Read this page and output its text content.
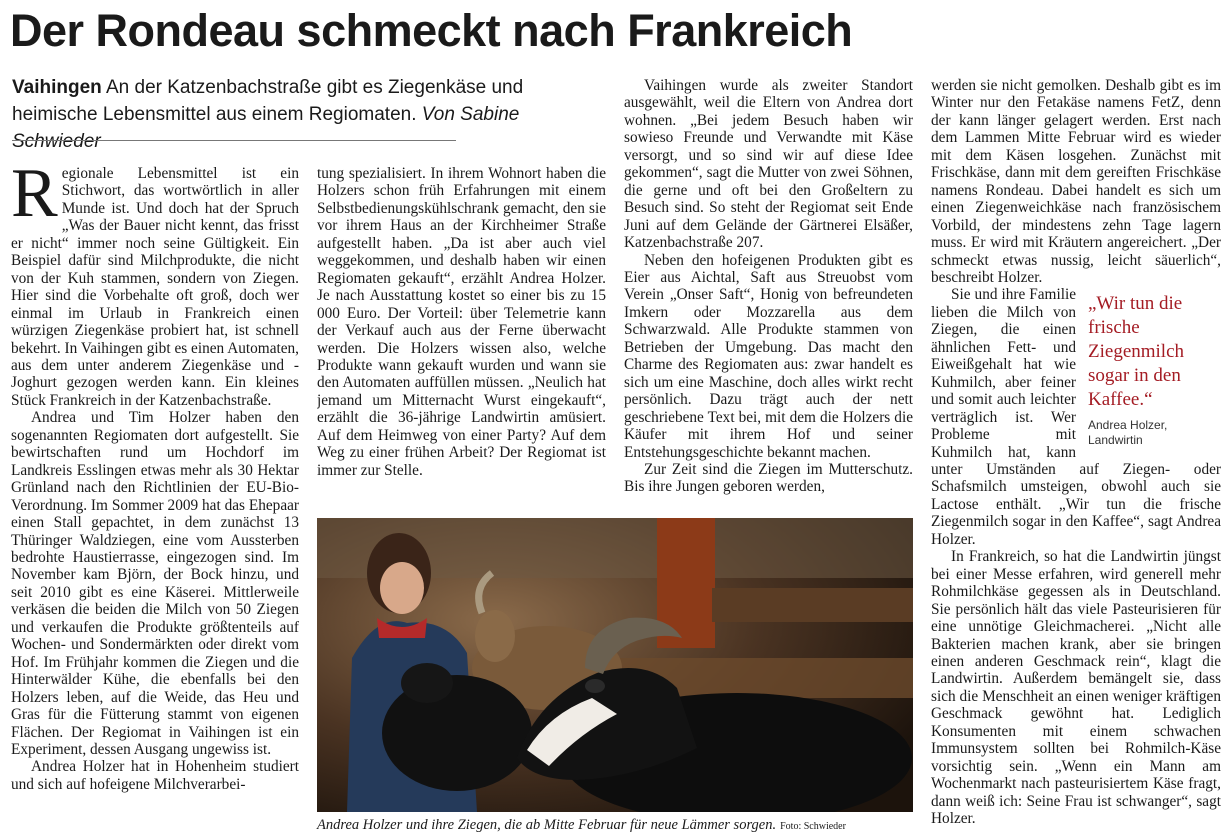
Der Rondeau schmeckt nach Frankreich
Vaihingen An der Katzenbachstraße gibt es Ziegenkäse und heimische Lebensmittel aus einem Regiomaten. Von Sabine Schwieder

Regionale Lebensmittel ist ein Stichwort, das wortwörtlich in aller Munde ist. Und doch hat der Spruch „Was der Bauer nicht kennt, das frisst er nicht“ immer noch seine Gültigkeit. Ein Beispiel dafür sind Milchprodukte, die nicht von der Kuh stammen, sondern von Ziegen. Hier sind die Vorbehalte oft groß, doch wer einmal im Urlaub in Frankreich einen würzigen Ziegenkäse probiert hat, ist schnell bekehrt. In Vaihingen gibt es einen Automaten, aus dem unter anderem Ziegenkäse und -Joghurt gezogen werden kann. Ein kleines Stück Frankreich in der Katzenbachstraße.

Andrea und Tim Holzer haben den sogenannten Regiomaten dort aufgestellt. Sie bewirtschaften rund um Hochdorf im Landkreis Esslingen etwas mehr als 30 Hektar Grünland nach den Richtlinien der EU-Bio-Verordnung. Im Sommer 2009 hat das Ehepaar einen Stall gepachtet, in dem zunächst 13 Thüringer Waldziegen, eine vom Aussterben bedrohte Haustierrasse, eingezogen sind. Im November kam Björn, der Bock hinzu, und seit 2010 gibt es eine Käserei. Mittlerweile verkäsen die beiden die Milch von 50 Ziegen und verkaufen die Produkte größtenteils auf Wochen- und Sondermärkten oder direkt vom Hof. Im Frühjahr kommen die Ziegen und die Hinterwälder Kühe, die ebenfalls bei den Holzers leben, auf die Weide, das Heu und Gras für die Fütterung stammt von eigenen Flächen. Der Regiomat in Vaihingen ist ein Experiment, dessen Ausgang ungewiss ist.

Andrea Holzer hat in Hohenheim studiert und sich auf hofeigene Milchverarbei-

tung spezialisiert. In ihrem Wohnort haben die Holzers schon früh Erfahrungen mit einem Selbstbedienungskühlschrank gemacht, den sie vor ihrem Haus an der Kirchheimer Straße aufgestellt haben. „Da ist aber auch viel weggekommen, und deshalb haben wir einen Regiomaten gekauft“, erzählt Andrea Holzer. Je nach Ausstattung kostet so einer bis zu 15 000 Euro. Der Vorteil: über Telemetrie kann der Verkauf auch aus der Ferne überwacht werden. Die Holzers wissen also, welche Produkte wann gekauft wurden und wann sie den Automaten auffüllen müssen. „Neulich hat jemand um Mitternacht Wurst eingekauft“, erzählt die 36-jährige Landwirtin amüsiert. Auf dem Heimweg von einer Party? Auf dem Weg zu einer frühen Arbeit? Der Regiomat ist immer zur Stelle.

Vaihingen wurde als zweiter Standort ausgewählt, weil die Eltern von Andrea dort wohnen. „Bei jedem Besuch haben wir sowieso Freunde und Verwandte mit Käse versorgt, und so sind wir auf diese Idee gekommen“, sagt die Mutter von zwei Söhnen, die gerne und oft bei den Großeltern zu Besuch sind. So steht der Regiomat seit Ende Juni auf dem Gelände der Gärtnerei Elsäßer, Katzenbachstraße 207.

Neben den hofeigenen Produkten gibt es Eier aus Aichtal, Saft aus Streuobst vom Verein „Onser Saft“, Honig von befreundeten Imkern oder Mozzarella aus dem Schwarzwald. Alle Produkte stammen von Betrieben der Umgebung. Das macht den Charme des Regiomaten aus: zwar handelt es sich um eine Maschine, doch alles wirkt recht persönlich. Dazu trägt auch der nett geschriebene Text bei, mit dem die Holzers die Käufer mit ihrem Hof und seiner Entstehungsgeschichte bekannt machen.

Zur Zeit sind die Ziegen im Mutterschutz. Bis ihre Jungen geboren werden,

werden sie nicht gemolken. Deshalb gibt es im Winter nur den Fetakäse namens FetZ, denn der kann länger gelagert werden. Erst nach dem Lammen Mitte Februar wird es wieder mit dem Käsen losgehen. Zunächst mit Frischkäse, dann mit dem gereiften Frischkäse namens Rondeau. Dabei handelt es sich um einen Ziegenweichkäse nach französischem Vorbild, der mindestens zehn Tage lagern muss. Er wird mit Kräutern angereichert. „Der schmeckt etwas nussig, leicht säuerlich“, beschreibt Holzer.

„Wir tun die frische Ziegenmilch sogar in den Kaffee.“
Andrea Holzer,
Landwirtin

Sie und ihre Familie lieben die Milch von Ziegen, die einen ähnlichen Fett- und Eiweißgehalt hat wie Kuhmilch, aber feiner und somit auch leichter verträglich ist. Wer Probleme mit Kuhmilch hat, kann unter Umständen auf Ziegen- oder Schafsmilch umsteigen, obwohl auch sie Lactose enthält. „Wir tun die frische Ziegenmilch sogar in den Kaffee“, sagt Andrea Holzer.

In Frankreich, so hat die Landwirtin jüngst bei einer Messe erfahren, wird generell mehr Rohmilchkäse gegessen als in Deutschland. Sie persönlich hält das viele Pasteurisieren für eine unnötige Gleichmacherei. „Nicht alle Bakterien machen krank, aber sie bringen einen anderen Geschmack rein“, klagt die Landwirtin. Außerdem bemängelt sie, dass sich die Menschheit an einen weniger kräftigen Geschmack gewöhnt hat. Lediglich Konsumenten mit einem schwachen Immunsystem sollten bei Rohmilch-Käse vorsichtig sein. „Wenn ein Mann am Wochenmarkt nach pasteurisiertem Käse fragt, dann weiß ich: Seine Frau ist schwanger“, sagt Holzer.

Andrea Holzer und ihre Ziegen, die ab Mitte Februar für neue Lämmer sorgen. Foto: Schwieder
